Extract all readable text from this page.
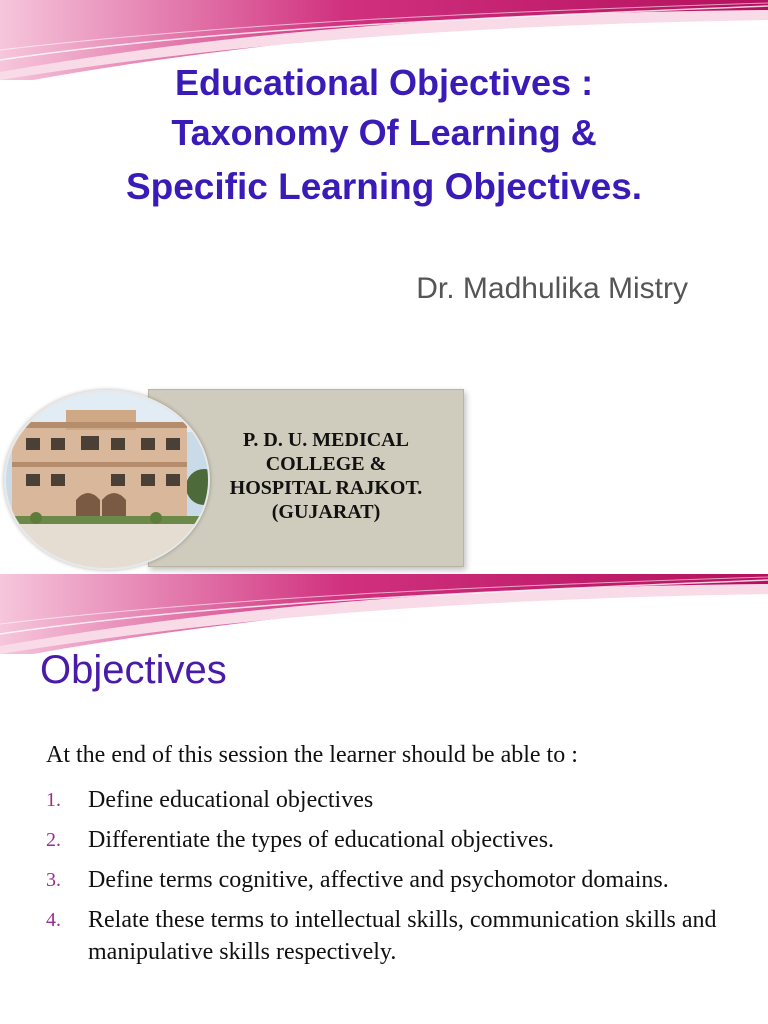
Educational Objectives :
Taxonomy Of Learning &
Specific Learning Objectives.
Dr. Madhulika Mistry
P. D. U. MEDICAL
COLLEGE &
HOSPITAL RAJKOT.
(GUJARAT)
Objectives
At the end of this session the learner should be able to :
1.	Define educational objectives
2.	Differentiate the types of educational objectives.
3.	Define terms cognitive, affective and psychomotor domains.
4.	Relate these terms to intellectual skills, communication skills and manipulative skills respectively.
